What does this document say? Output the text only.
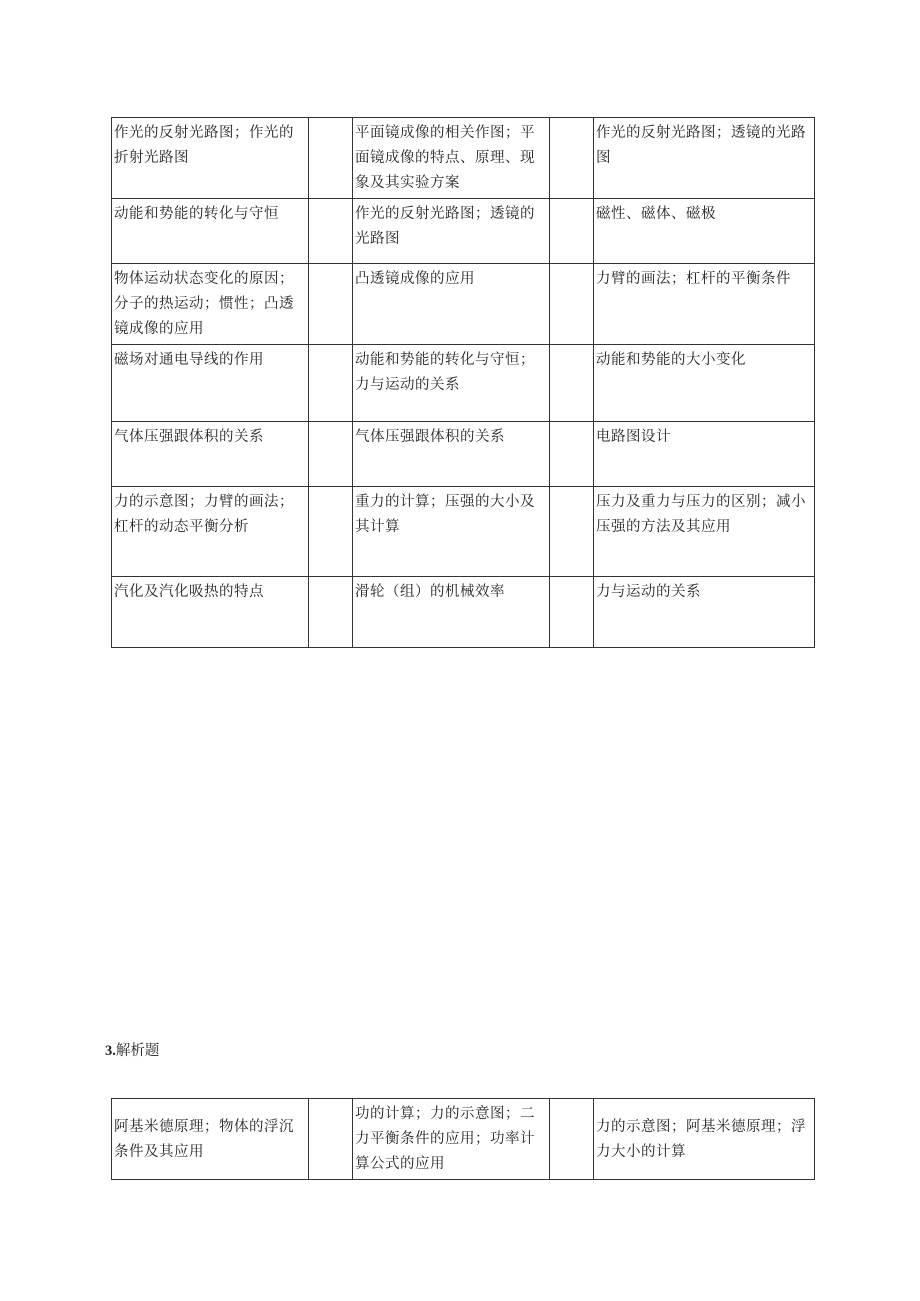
作光的反射光路图；作光的折射光路图		平面镜成像的相关作图；平面镜成像的特点、原理、现象及其实验方案		作光的反射光路图；透镜的光路图
动能和势能的转化与守恒		作光的反射光路图；透镜的光路图		磁性、磁体、磁极
物体运动状态变化的原因；分子的热运动；惯性；凸透镜成像的应用		凸透镜成像的应用		力臂的画法；杠杆的平衡条件
磁场对通电导线的作用		动能和势能的转化与守恒；力与运动的关系		动能和势能的大小变化
气体压强跟体积的关系		气体压强跟体积的关系		电路图设计
力的示意图；力臂的画法；杠杆的动态平衡分析		重力的计算；压强的大小及其计算		压力及重力与压力的区别；减小压强的方法及其应用
汽化及汽化吸热的特点		滑轮（组）的机械效率		力与运动的关系

3.解析题

阿基米德原理；物体的浮沉条件及其应用		功的计算；力的示意图；二力平衡条件的应用；功率计算公式的应用		力的示意图；阿基米德原理；浮力大小的计算
